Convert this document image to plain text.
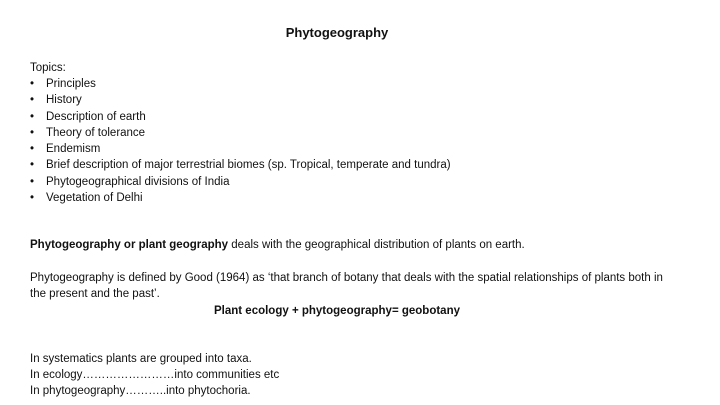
Phytogeography
Topics:
• Principles
• History
• Description of earth
• Theory of tolerance
• Endemism
• Brief description of major terrestrial biomes (sp. Tropical, temperate and tundra)
• Phytogeographical divisions of India
• Vegetation of Delhi
Phytogeography or plant geography deals with the geographical distribution of plants on earth.
Phytogeography is defined by Good (1964) as ‘that branch of botany that deals with the spatial relationships of plants both in the present and the past’.
Plant ecology + phytogeography= geobotany
In systematics plants are grouped into taxa.
In ecology……………………into communities etc
In phytogeography………..into phytochoria.
